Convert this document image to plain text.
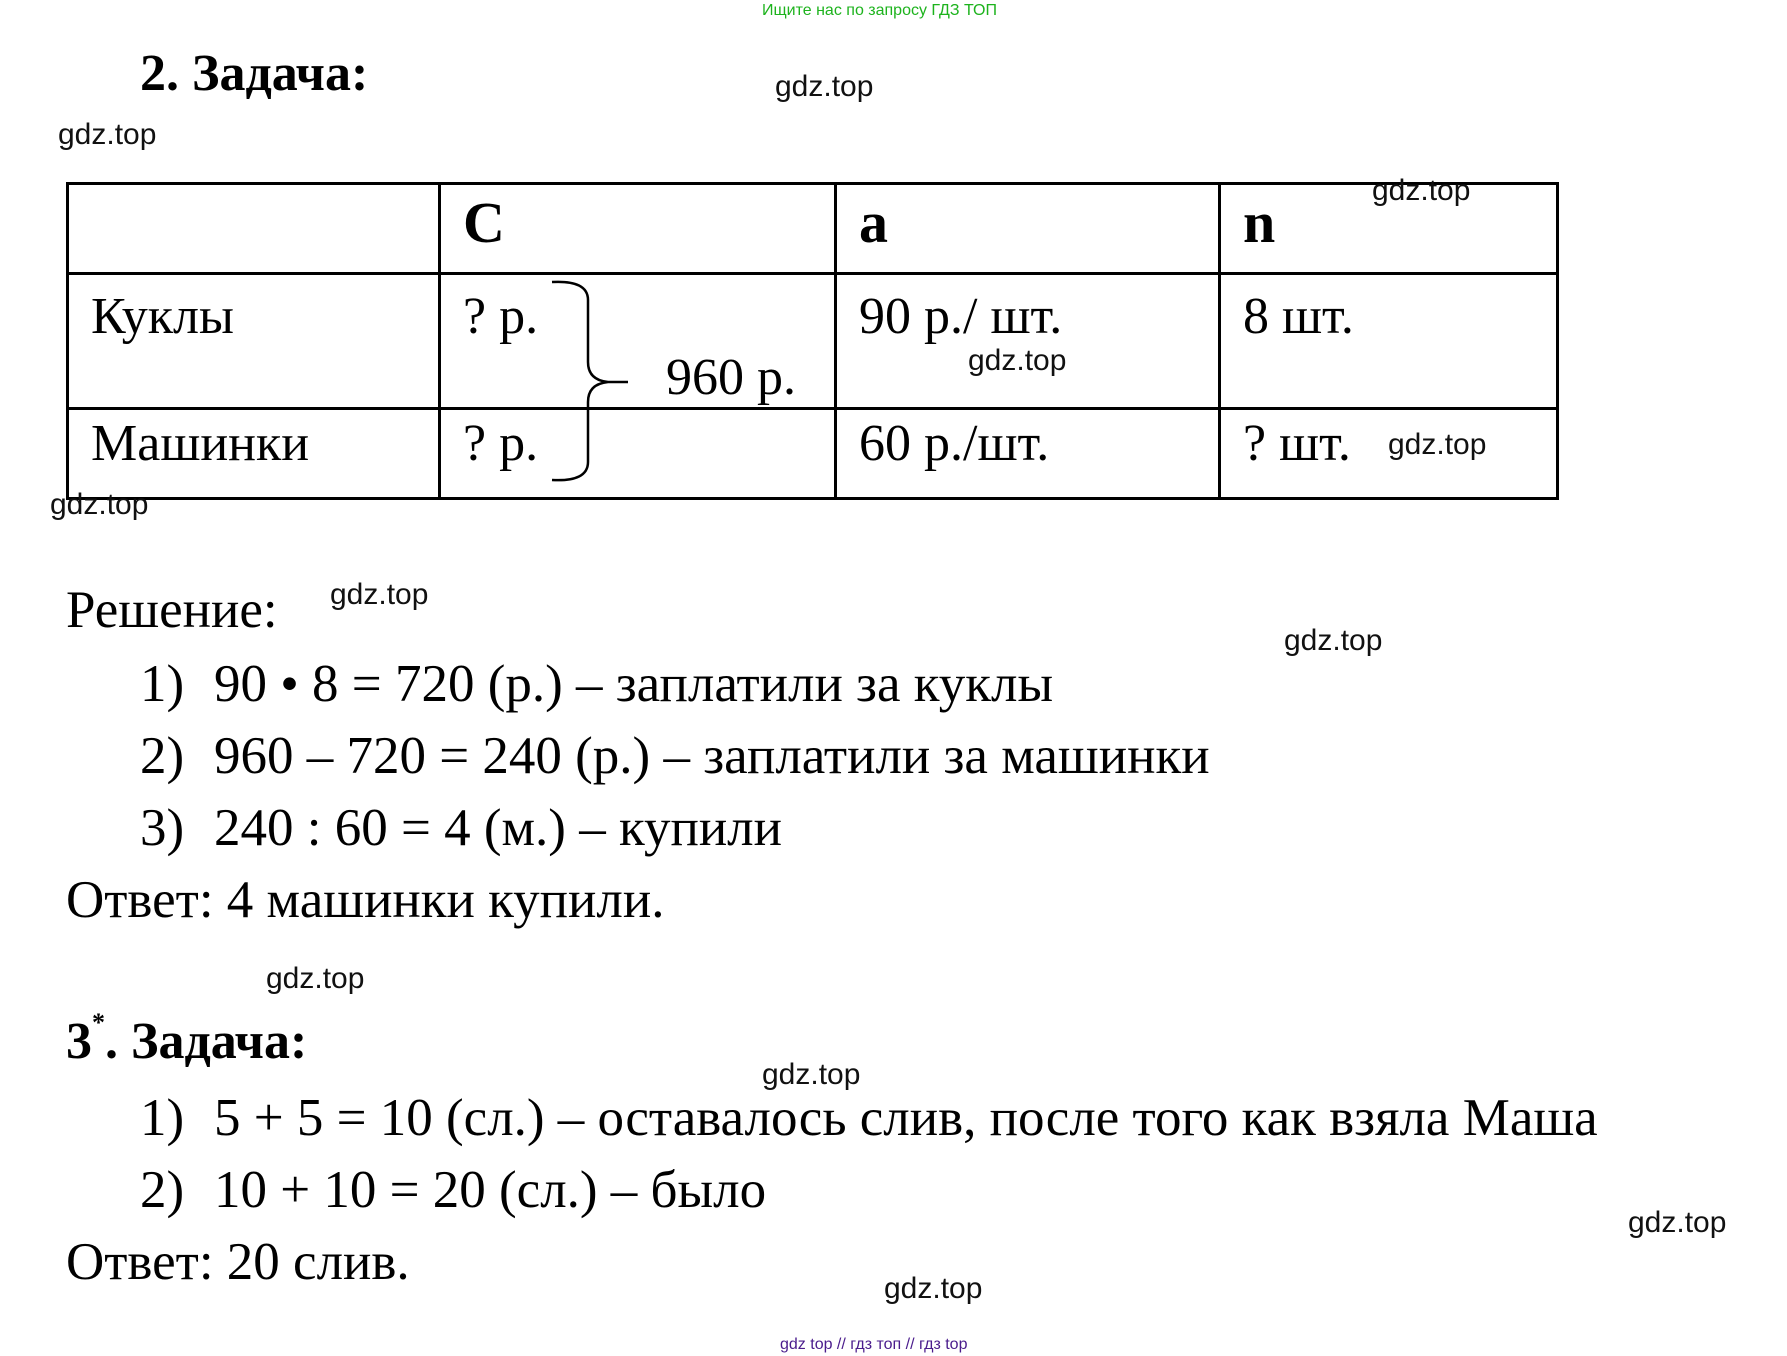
Ищите нас по запросу ГДЗ ТОП
2. Задача:

	C	a	n

Куклы	? р.	90 р./ шт.	8 шт.

Машинки	? р.	60 р./шт.	? шт.
960 р.
Решение:
1) 90 • 8 = 720 (р.) – заплатили за куклы
2) 960 – 720 = 240 (р.) – заплатили за машинки
3) 240 : 60 = 4 (м.) – купили
Ответ: 4 машинки купили.
3*. Задача:
1) 5 + 5 = 10 (сл.) – оставалось слив, после того как взяла Маша
2) 10 + 10 = 20 (сл.) – было
Ответ: 20 слив.
gdz.top
gdz.top
gdz.top
gdz.top
gdz.top
gdz.top
gdz.top
gdz.top
gdz.top
gdz.top
gdz.top
gdz.top
gdz top // гдз топ // гдз top
